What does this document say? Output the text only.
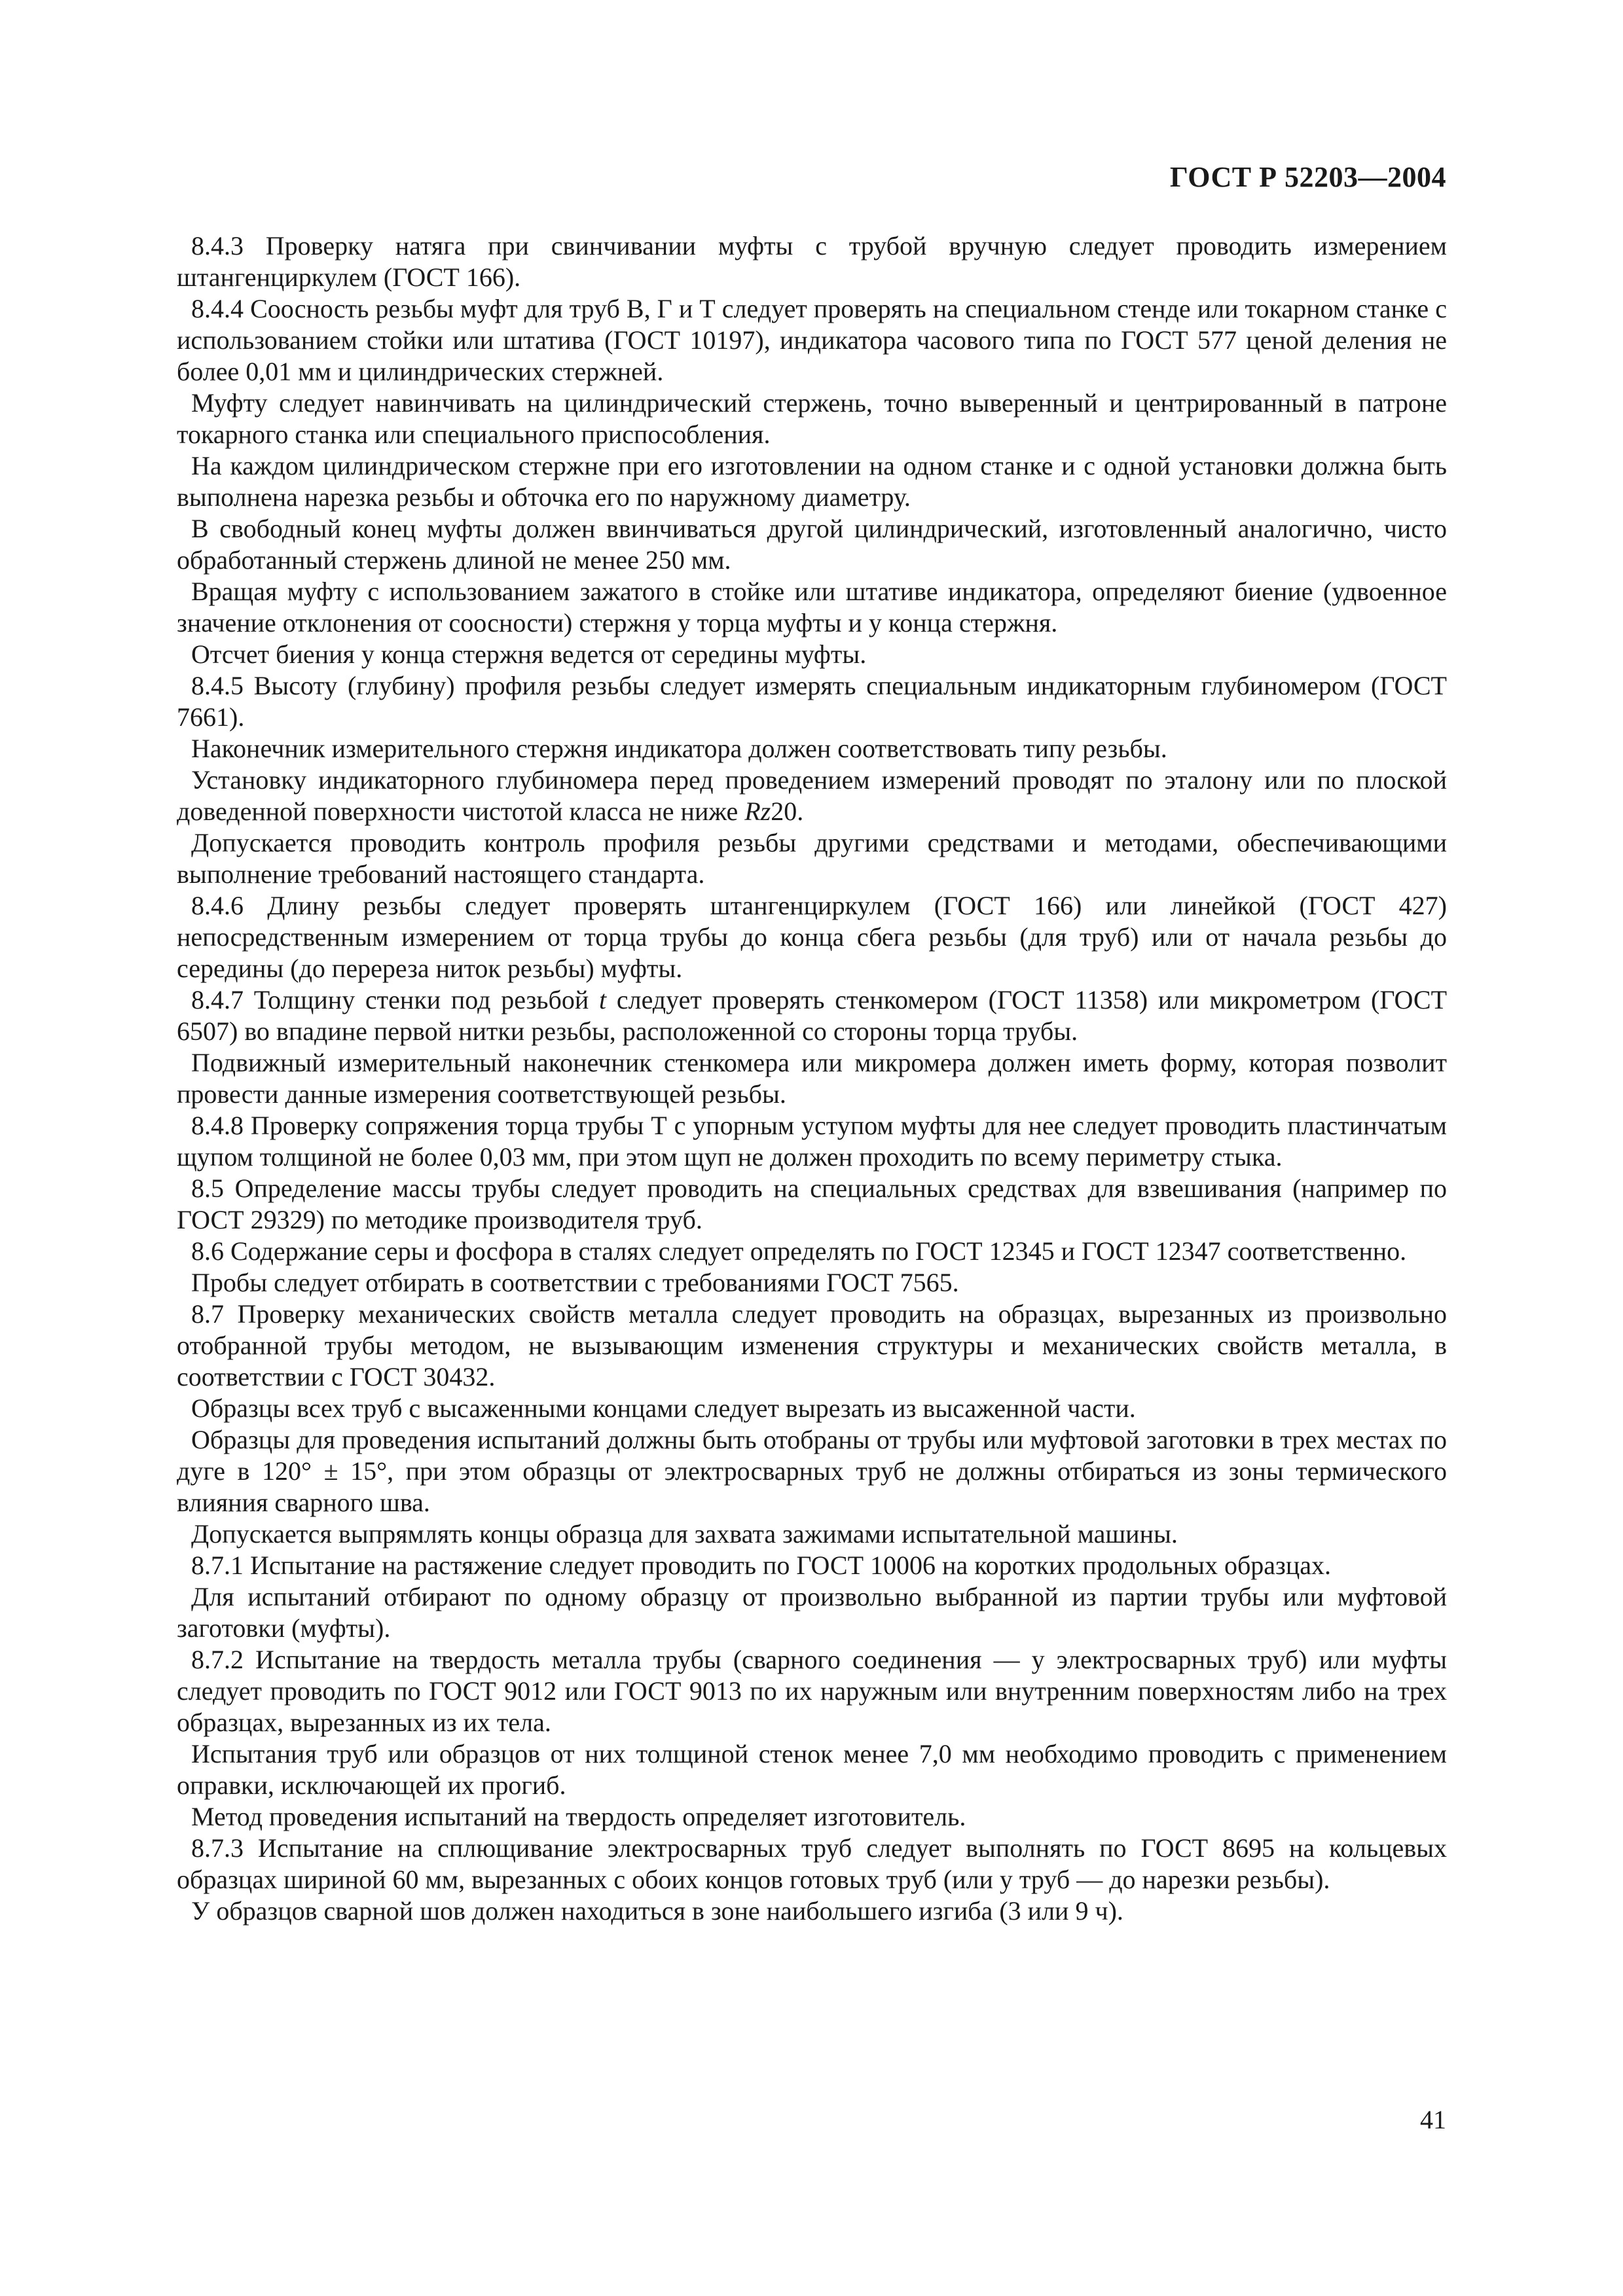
ГОСТ Р 52203—2004

8.4.3 Проверку натяга при свинчивании муфты с трубой вручную следует проводить измерением штангенциркулем (ГОСТ 166).

8.4.4 Соосность резьбы муфт для труб В, Г и Т следует проверять на специальном стенде или токарном станке с использованием стойки или штатива (ГОСТ 10197), индикатора часового типа по ГОСТ 577 ценой деления не более 0,01 мм и цилиндрических стержней.

Муфту следует навинчивать на цилиндрический стержень, точно выверенный и центрированный в патроне токарного станка или специального приспособления.

На каждом цилиндрическом стержне при его изготовлении на одном станке и с одной установки должна быть выполнена нарезка резьбы и обточка его по наружному диаметру.

В свободный конец муфты должен ввинчиваться другой цилиндрический, изготовленный аналогично, чисто обработанный стержень длиной не менее 250 мм.

Вращая муфту с использованием зажатого в стойке или штативе индикатора, определяют биение (удвоенное значение отклонения от соосности) стержня у торца муфты и у конца стержня.

Отсчет биения у конца стержня ведется от середины муфты.

8.4.5 Высоту (глубину) профиля резьбы следует измерять специальным индикаторным глубиномером (ГОСТ 7661).

Наконечник измерительного стержня индикатора должен соответствовать типу резьбы.

Установку индикаторного глубиномера перед проведением измерений проводят по эталону или по плоской доведенной поверхности чистотой класса не ниже Rz20.

Допускается проводить контроль профиля резьбы другими средствами и методами, обеспечивающими выполнение требований настоящего стандарта.

8.4.6 Длину резьбы следует проверять штангенциркулем (ГОСТ 166) или линейкой (ГОСТ 427) непосредственным измерением от торца трубы до конца сбега резьбы (для труб) или от начала резьбы до середины (до перереза ниток резьбы) муфты.

8.4.7 Толщину стенки под резьбой t следует проверять стенкомером (ГОСТ 11358) или микрометром (ГОСТ 6507) во впадине первой нитки резьбы, расположенной со стороны торца трубы.

Подвижный измерительный наконечник стенкомера или микромера должен иметь форму, которая позволит провести данные измерения соответствующей резьбы.

8.4.8 Проверку сопряжения торца трубы Т с упорным уступом муфты для нее следует проводить пластинчатым щупом толщиной не более 0,03 мм, при этом щуп не должен проходить по всему периметру стыка.

8.5 Определение массы трубы следует проводить на специальных средствах для взвешивания (например по ГОСТ 29329) по методике производителя труб.

8.6 Содержание серы и фосфора в сталях следует определять по ГОСТ 12345 и ГОСТ 12347 соответственно.

Пробы следует отбирать в соответствии с требованиями ГОСТ 7565.

8.7 Проверку механических свойств металла следует проводить на образцах, вырезанных из произвольно отобранной трубы методом, не вызывающим изменения структуры и механических свойств металла, в соответствии с ГОСТ 30432.

Образцы всех труб с высаженными концами следует вырезать из высаженной части.

Образцы для проведения испытаний должны быть отобраны от трубы или муфтовой заготовки в трех местах по дуге в 120° ± 15°, при этом образцы от электросварных труб не должны отбираться из зоны термического влияния сварного шва.

Допускается выпрямлять концы образца для захвата зажимами испытательной машины.

8.7.1 Испытание на растяжение следует проводить по ГОСТ 10006 на коротких продольных образцах.

Для испытаний отбирают по одному образцу от произвольно выбранной из партии трубы или муфтовой заготовки (муфты).

8.7.2 Испытание на твердость металла трубы (сварного соединения — у электросварных труб) или муфты следует проводить по ГОСТ 9012 или ГОСТ 9013 по их наружным или внутренним поверхностям либо на трех образцах, вырезанных из их тела.

Испытания труб или образцов от них толщиной стенок менее 7,0 мм необходимо проводить с применением оправки, исключающей их прогиб.

Метод проведения испытаний на твердость определяет изготовитель.

8.7.3 Испытание на сплющивание электросварных труб следует выполнять по ГОСТ 8695 на кольцевых образцах шириной 60 мм, вырезанных с обоих концов готовых труб (или у труб — до нарезки резьбы).

У образцов сварной шов должен находиться в зоне наибольшего изгиба (3 или 9 ч).

41
